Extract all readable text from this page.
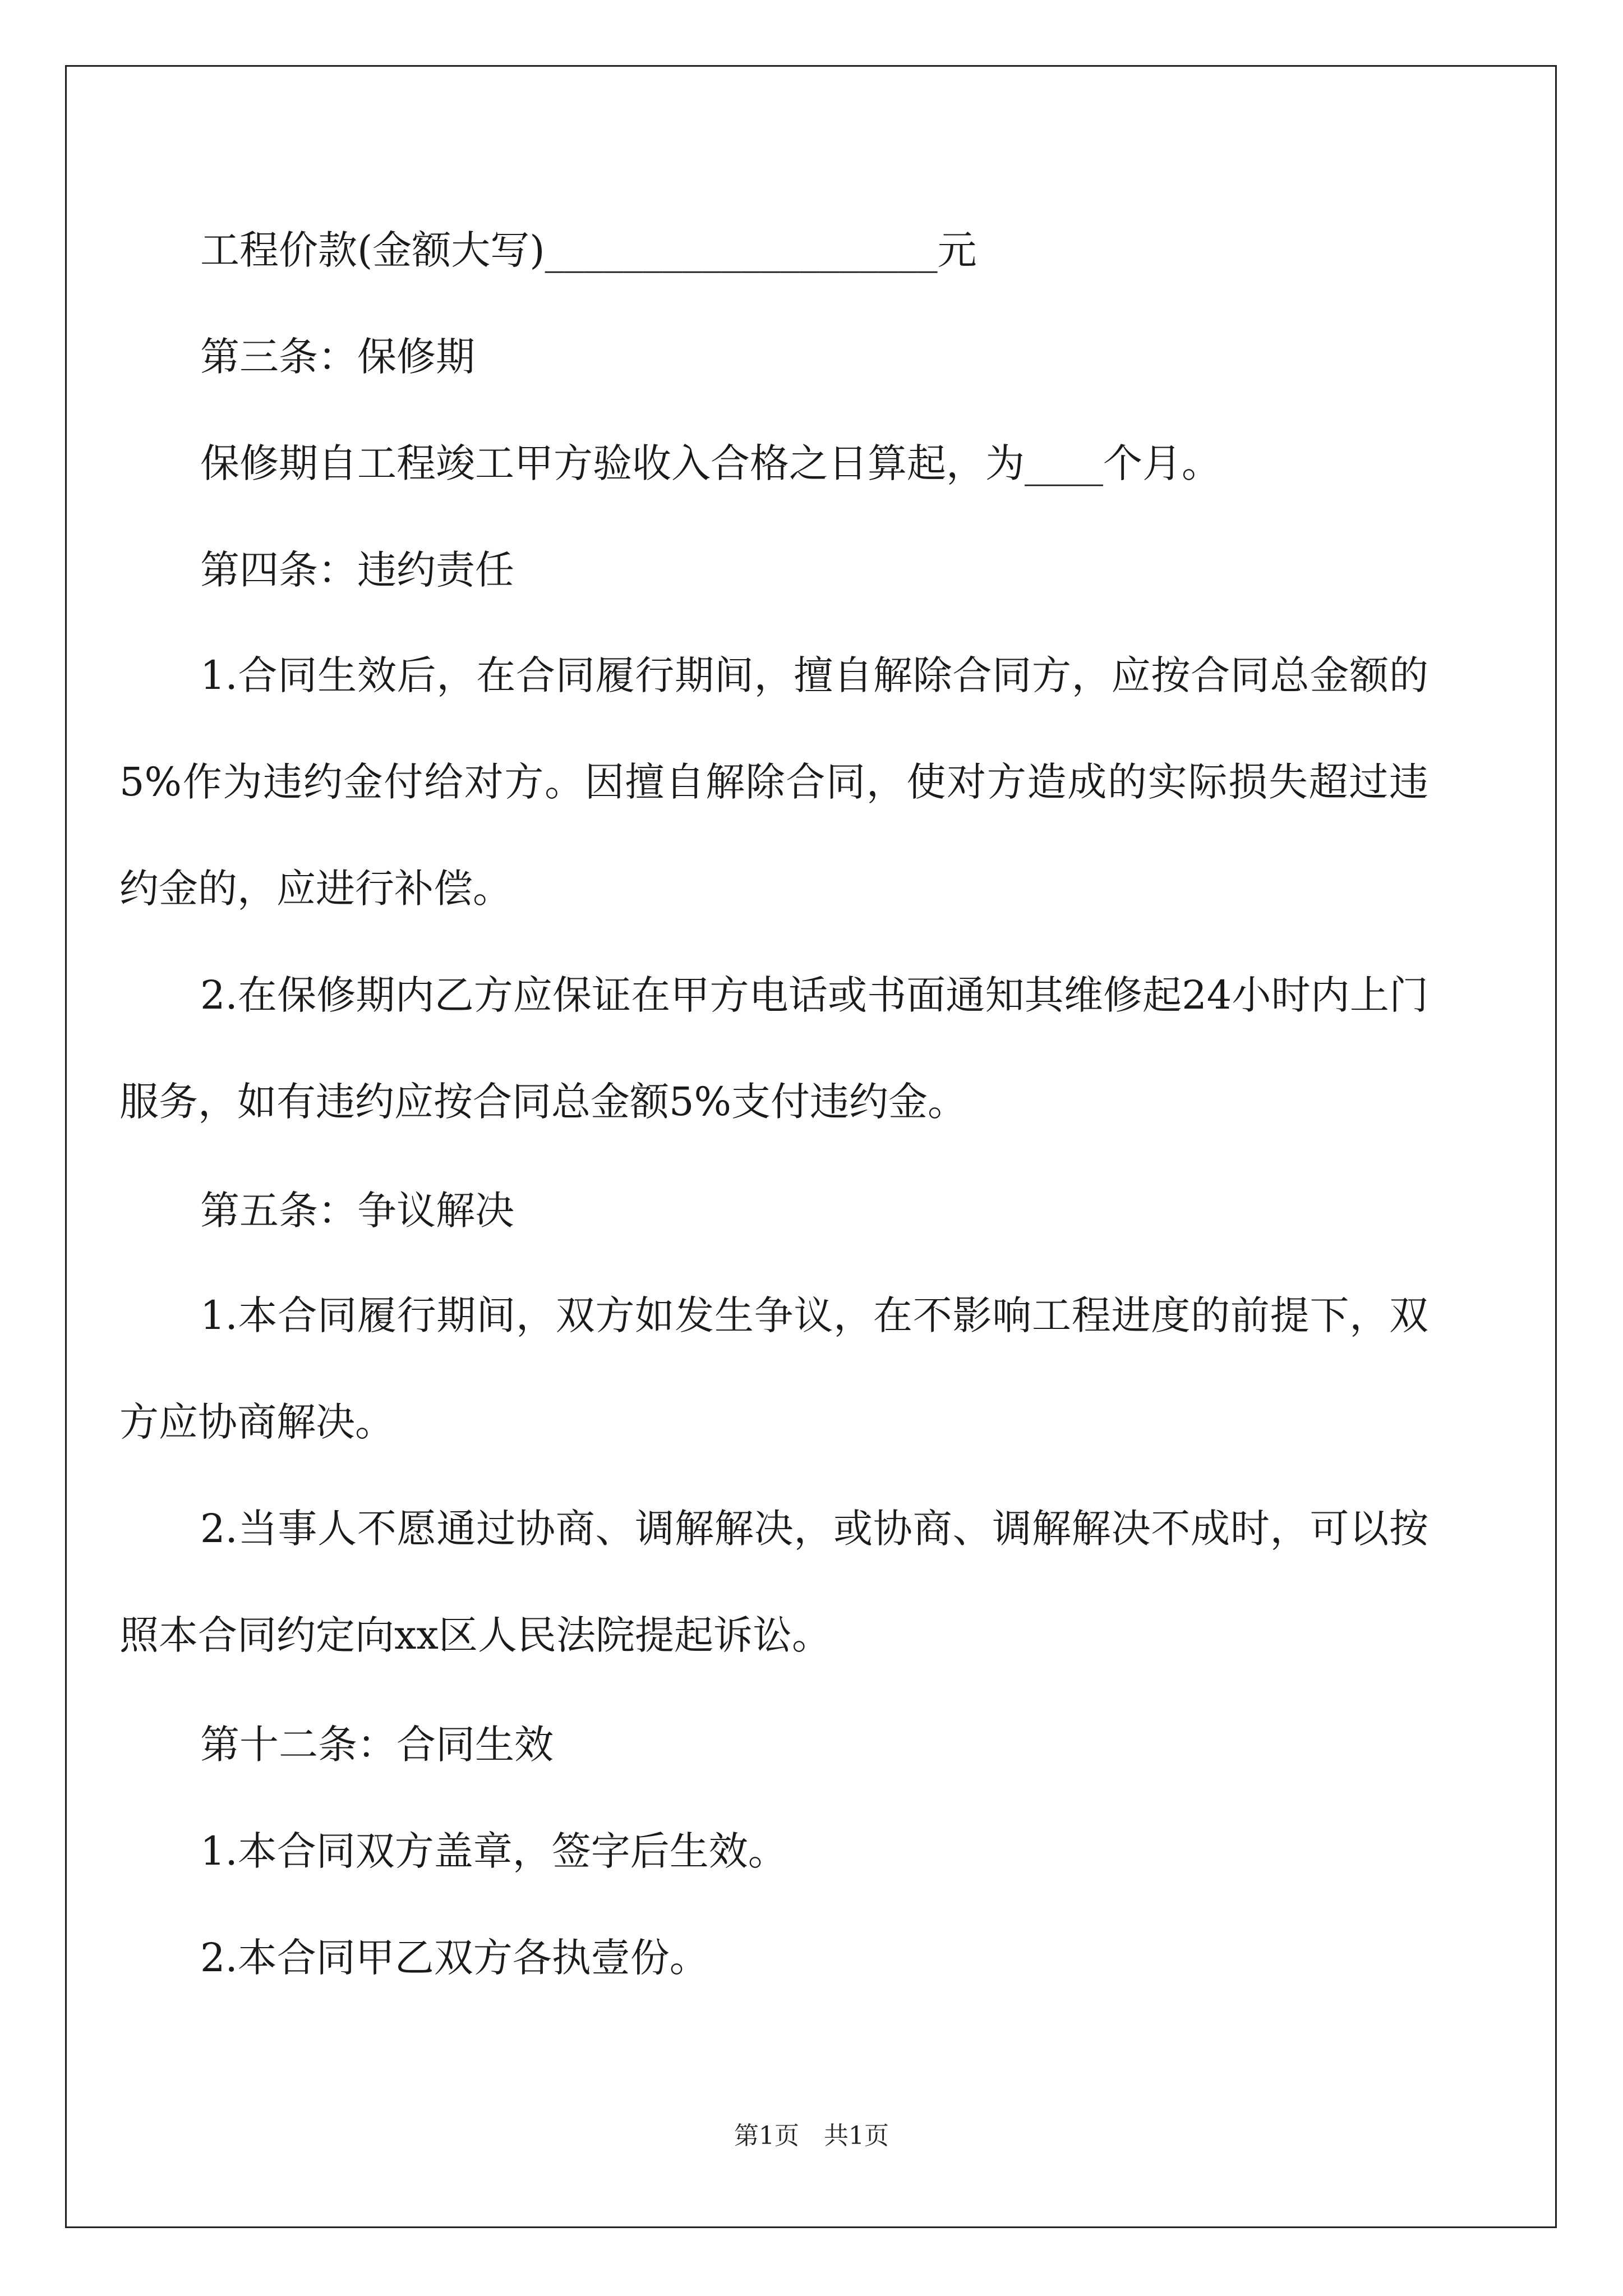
工程价款(金额大写)____________________元

第三条：保修期

保修期自工程竣工甲方验收入合格之日算起，为____个月。

第四条：违约责任

1.合同生效后，在合同履行期间，擅自解除合同方，应按合同总金额的5%作为违约金付给对方。因擅自解除合同，使对方造成的实际损失超过违约金的，应进行补偿。

2.在保修期内乙方应保证在甲方电话或书面通知其维修起24小时内上门服务，如有违约应按合同总金额5%支付违约金。

第五条：争议解决

1.本合同履行期间，双方如发生争议，在不影响工程进度的前提下，双方应协商解决。

2.当事人不愿通过协商、调解解决，或协商、调解解决不成时，可以按照本合同约定向xx区人民法院提起诉讼。

第十二条：合同生效

1.本合同双方盖章，签字后生效。

2.本合同甲乙双方各执壹份。

第1页　共1页
